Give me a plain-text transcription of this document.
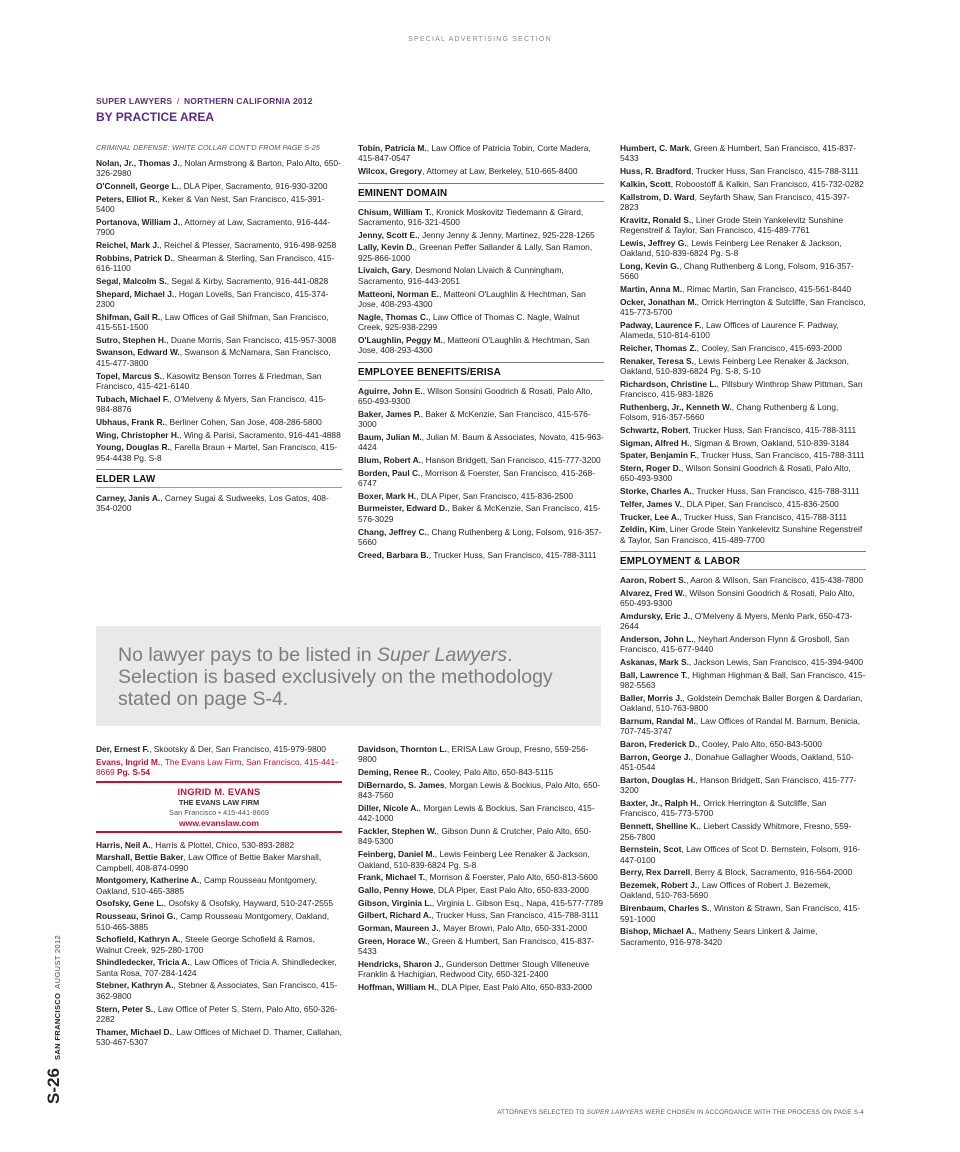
SPECIAL ADVERTISING SECTION
SUPER LAWYERS / NORTHERN CALIFORNIA 2012
BY PRACTICE AREA
CRIMINAL DEFENSE: WHITE COLLAR CONT'D FROM PAGE S-25
Nolan, Jr., Thomas J., Nolan Armstrong & Barton, Palo Alto, 650-326-2980
O'Connell, George L., DLA Piper, Sacramento, 916-930-3200
Peters, Elliot R., Keker & Van Nest, San Francisco, 415-391-5400
Portanova, William J., Attorney at Law, Sacramento, 916-444-7900
Reichel, Mark J., Reichel & Plesser, Sacramento, 916-498-9258
Robbins, Patrick D., Shearman & Sterling, San Francisco, 415-616-1100
Segal, Malcolm S., Segal & Kirby, Sacramento, 916-441-0828
Shepard, Michael J., Hogan Lovells, San Francisco, 415-374-2300
Shifman, Gail R., Law Offices of Gail Shifman, San Francisco, 415-551-1500
Sutro, Stephen H., Duane Morris, San Francisco, 415-957-3008
Swanson, Edward W., Swanson & McNamara, San Francisco, 415-477-3800
Topel, Marcus S., Kasowitz Benson Torres & Friedman, San Francisco, 415-421-6140
Tubach, Michael F., O'Melveny & Myers, San Francisco, 415-984-8876
Ubhaus, Frank R., Berliner Cohen, San Jose, 408-286-5800
Wing, Christopher H., Wing & Parisi, Sacramento, 916-441-4888
Young, Douglas R., Farella Braun + Martel, San Francisco, 415-954-4438 Pg. S-8
ELDER LAW
Carney, Janis A., Carney Sugai & Sudweeks, Los Gatos, 408-354-0200
Tobin, Patricia M., Law Office of Patricia Tobin, Corte Madera, 415-847-0547
Wilcox, Gregory, Attorney at Law, Berkeley, 510-665-8400
EMINENT DOMAIN
Chisum, William T., Kronick Moskovitz Tiedemann & Girard, Sacramento, 916-321-4500
Jenny, Scott E., Jenny Jenny & Jenny, Martinez, 925-228-1265
Lally, Kevin D., Greenan Peffer Sallander & Lally, San Ramon, 925-866-1000
Livaich, Gary, Desmond Nolan Livaich & Cunningham, Sacramento, 916-443-2051
Matteoni, Norman E., Matteoni O'Laughlin & Hechtman, San Jose, 408-293-4300
Nagle, Thomas C., Law Office of Thomas C. Nagle, Walnut Creek, 925-938-2299
O'Laughlin, Peggy M., Matteoni O'Laughlin & Hechtman, San Jose, 408-293-4300
EMPLOYEE BENEFITS/ERISA
Aguirre, John E., Wilson Sonsini Goodrich & Rosati, Palo Alto, 650-493-9300
Baker, James P., Baker & McKenzie, San Francisco, 415-576-3000
Baum, Julian M., Julian M. Baum & Associates, Novato, 415-963-4424
Blum, Robert A., Hanson Bridgett, San Francisco, 415-777-3200
Borden, Paul C., Morrison & Foerster, San Francisco, 415-268-6747
Boxer, Mark H., DLA Piper, San Francisco, 415-836-2500
Burmeister, Edward D., Baker & McKenzie, San Francisco, 415-576-3029
Chang, Jeffrey C., Chang Ruthenberg & Long, Folsom, 916-357-5660
Creed, Barbara B., Trucker Huss, San Francisco, 415-788-3111
Humbert, C. Mark, Green & Humbert, San Francisco, 415-837-5433
Huss, R. Bradford, Trucker Huss, San Francisco, 415-788-3111
Kalkin, Scott, Roboostoff & Kalkin, San Francisco, 415-732-0282
Kallstrom, D. Ward, Seyfarth Shaw, San Francisco, 415-397-2823
Kravitz, Ronald S., Liner Grode Stein Yankelevitz Sunshine Regenstreif & Taylor, San Francisco, 415-489-7761
Lewis, Jeffrey G., Lewis Feinberg Lee Renaker & Jackson, Oakland, 510-839-6824 Pg. S-8
Long, Kevin G., Chang Ruthenberg & Long, Folsom, 916-357-5660
Martin, Anna M., Rimac Martin, San Francisco, 415-561-8440
Ocker, Jonathan M., Orrick Herrington & Sutcliffe, San Francisco, 415-773-5700
Padway, Laurence F., Law Offices of Laurence F. Padway, Alameda, 510-814-6100
Reicher, Thomas Z., Cooley, San Francisco, 415-693-2000
Renaker, Teresa S., Lewis Feinberg Lee Renaker & Jackson, Oakland, 510-839-6824 Pg. S-8, S-10
Richardson, Christine L., Pillsbury Winthrop Shaw Pittman, San Francisco, 415-983-1826
Ruthenberg, Jr., Kenneth W., Chang Ruthenberg & Long, Folsom, 916-357-5660
Schwartz, Robert, Trucker Huss, San Francisco, 415-788-3111
Sigman, Alfred H., Sigman & Brown, Oakland, 510-839-3184
Spater, Benjamin F., Trucker Huss, San Francisco, 415-788-3111
Stern, Roger D., Wilson Sonsini Goodrich & Rosati, Palo Alto, 650-493-9300
Storke, Charles A., Trucker Huss, San Francisco, 415-788-3111
Telfer, James V., DLA Piper, San Francisco, 415-836-2500
Trucker, Lee A., Trucker Huss, San Francisco, 415-788-3111
Zeldin, Kim, Liner Grode Stein Yankelevitz Sunshine Regenstreif & Taylor, San Francisco, 415-489-7700
EMPLOYMENT & LABOR
Aaron, Robert S., Aaron & Wilson, San Francisco, 415-438-7800
Alvarez, Fred W., Wilson Sonsini Goodrich & Rosati, Palo Alto, 650-493-9300
Amdursky, Eric J., O'Melveny & Myers, Menlo Park, 650-473-2644
Anderson, John L., Neyhart Anderson Flynn & Grosboll, San Francisco, 415-677-9440
Askanas, Mark S., Jackson Lewis, San Francisco, 415-394-9400
Ball, Lawrence T., Highman Highman & Ball, San Francisco, 415-982-5563
Baller, Morris J., Goldstein Demchak Baller Borgen & Dardarian, Oakland, 510-763-9800
Barnum, Randal M., Law Offices of Randal M. Barnum, Benicia, 707-745-3747
Baron, Frederick D., Cooley, Palo Alto, 650-843-5000
Barron, George J., Donahue Gallagher Woods, Oakland, 510-451-0544
Barton, Douglas H., Hanson Bridgett, San Francisco, 415-777-3200
Baxter, Jr., Ralph H., Orrick Herrington & Sutcliffe, San Francisco, 415-773-5700
Bennett, Shelline K., Liebert Cassidy Whitmore, Fresno, 559-256-7800
Bernstein, Scot, Law Offices of Scot D. Bernstein, Folsom, 916-447-0100
Berry, Rex Darrell, Berry & Block, Sacramento, 916-564-2000
Bezemek, Robert J., Law Offices of Robert J. Bezemek, Oakland, 510-763-5690
Birenbaum, Charles S., Winston & Strawn, San Francisco, 415-591-1000
Bishop, Michael A., Matheny Sears Linkert & Jaime, Sacramento, 916-978-3420

No lawyer pays to be listed in Super Lawyers. Selection is based exclusively on the methodology stated on page S-4.

Der, Ernest F., Skootsky & Der, San Francisco, 415-979-9800
Evans, Ingrid M., The Evans Law Firm, San Francisco, 415-441-8669 Pg. S-54
INGRID M. EVANS
THE EVANS LAW FIRM
San Francisco • 415-441-8669
www.evanslaw.com
Harris, Neil A., Harris & Plottel, Chico, 530-893-2882
Marshall, Bettie Baker, Law Office of Bettie Baker Marshall, Campbell, 408-874-0990
Montgomery, Katherine A., Camp Rousseau Montgomery, Oakland, 510-465-3885
Osofsky, Gene L., Osofsky & Osofsky, Hayward, 510-247-2555
Rousseau, Srinoi G., Camp Rousseau Montgomery, Oakland, 510-465-3885
Schofield, Kathryn A., Steele George Schofield & Ramos, Walnut Creek, 925-280-1700
Shindledecker, Tricia A., Law Offices of Tricia A. Shindledecker, Santa Rosa, 707-284-1424
Stebner, Kathryn A., Stebner & Associates, San Francisco, 415-362-9800
Stern, Peter S., Law Office of Peter S. Stern, Palo Alto, 650-326-2282
Thamer, Michael D., Law Offices of Michael D. Thamer, Callahan, 530-467-5307
Davidson, Thornton L., ERISA Law Group, Fresno, 559-256-9800
Deming, Renee R., Cooley, Palo Alto, 650-843-5115
DiBernardo, S. James, Morgan Lewis & Bockius, Palo Alto, 650-843-7560
Diller, Nicole A., Morgan Lewis & Bockius, San Francisco, 415-442-1000
Fackler, Stephen W., Gibson Dunn & Crutcher, Palo Alto, 650-849-5300
Feinberg, Daniel M., Lewis Feinberg Lee Renaker & Jackson, Oakland, 510-839-6824 Pg. S-8
Frank, Michael T., Morrison & Foerster, Palo Alto, 650-813-5600
Gallo, Penny Howe, DLA Piper, East Palo Alto, 650-833-2000
Gibson, Virginia L., Virginia L. Gibson Esq., Napa, 415-577-7789
Gilbert, Richard A., Trucker Huss, San Francisco, 415-788-3111
Gorman, Maureen J., Mayer Brown, Palo Alto, 650-331-2000
Green, Horace W., Green & Humbert, San Francisco, 415-837-5433
Hendricks, Sharon J., Gunderson Dettmer Stough Villeneuve Franklin & Hachigian, Redwood City, 650-321-2400
Hoffman, William H., DLA Piper, East Palo Alto, 650-833-2000
SAN FRANCISCOAUGUST 2012
S-26
ATTORNEYS SELECTED TO SUPER LAWYERS WERE CHOSEN IN ACCORDANCE WITH THE PROCESS ON PAGE S-4
